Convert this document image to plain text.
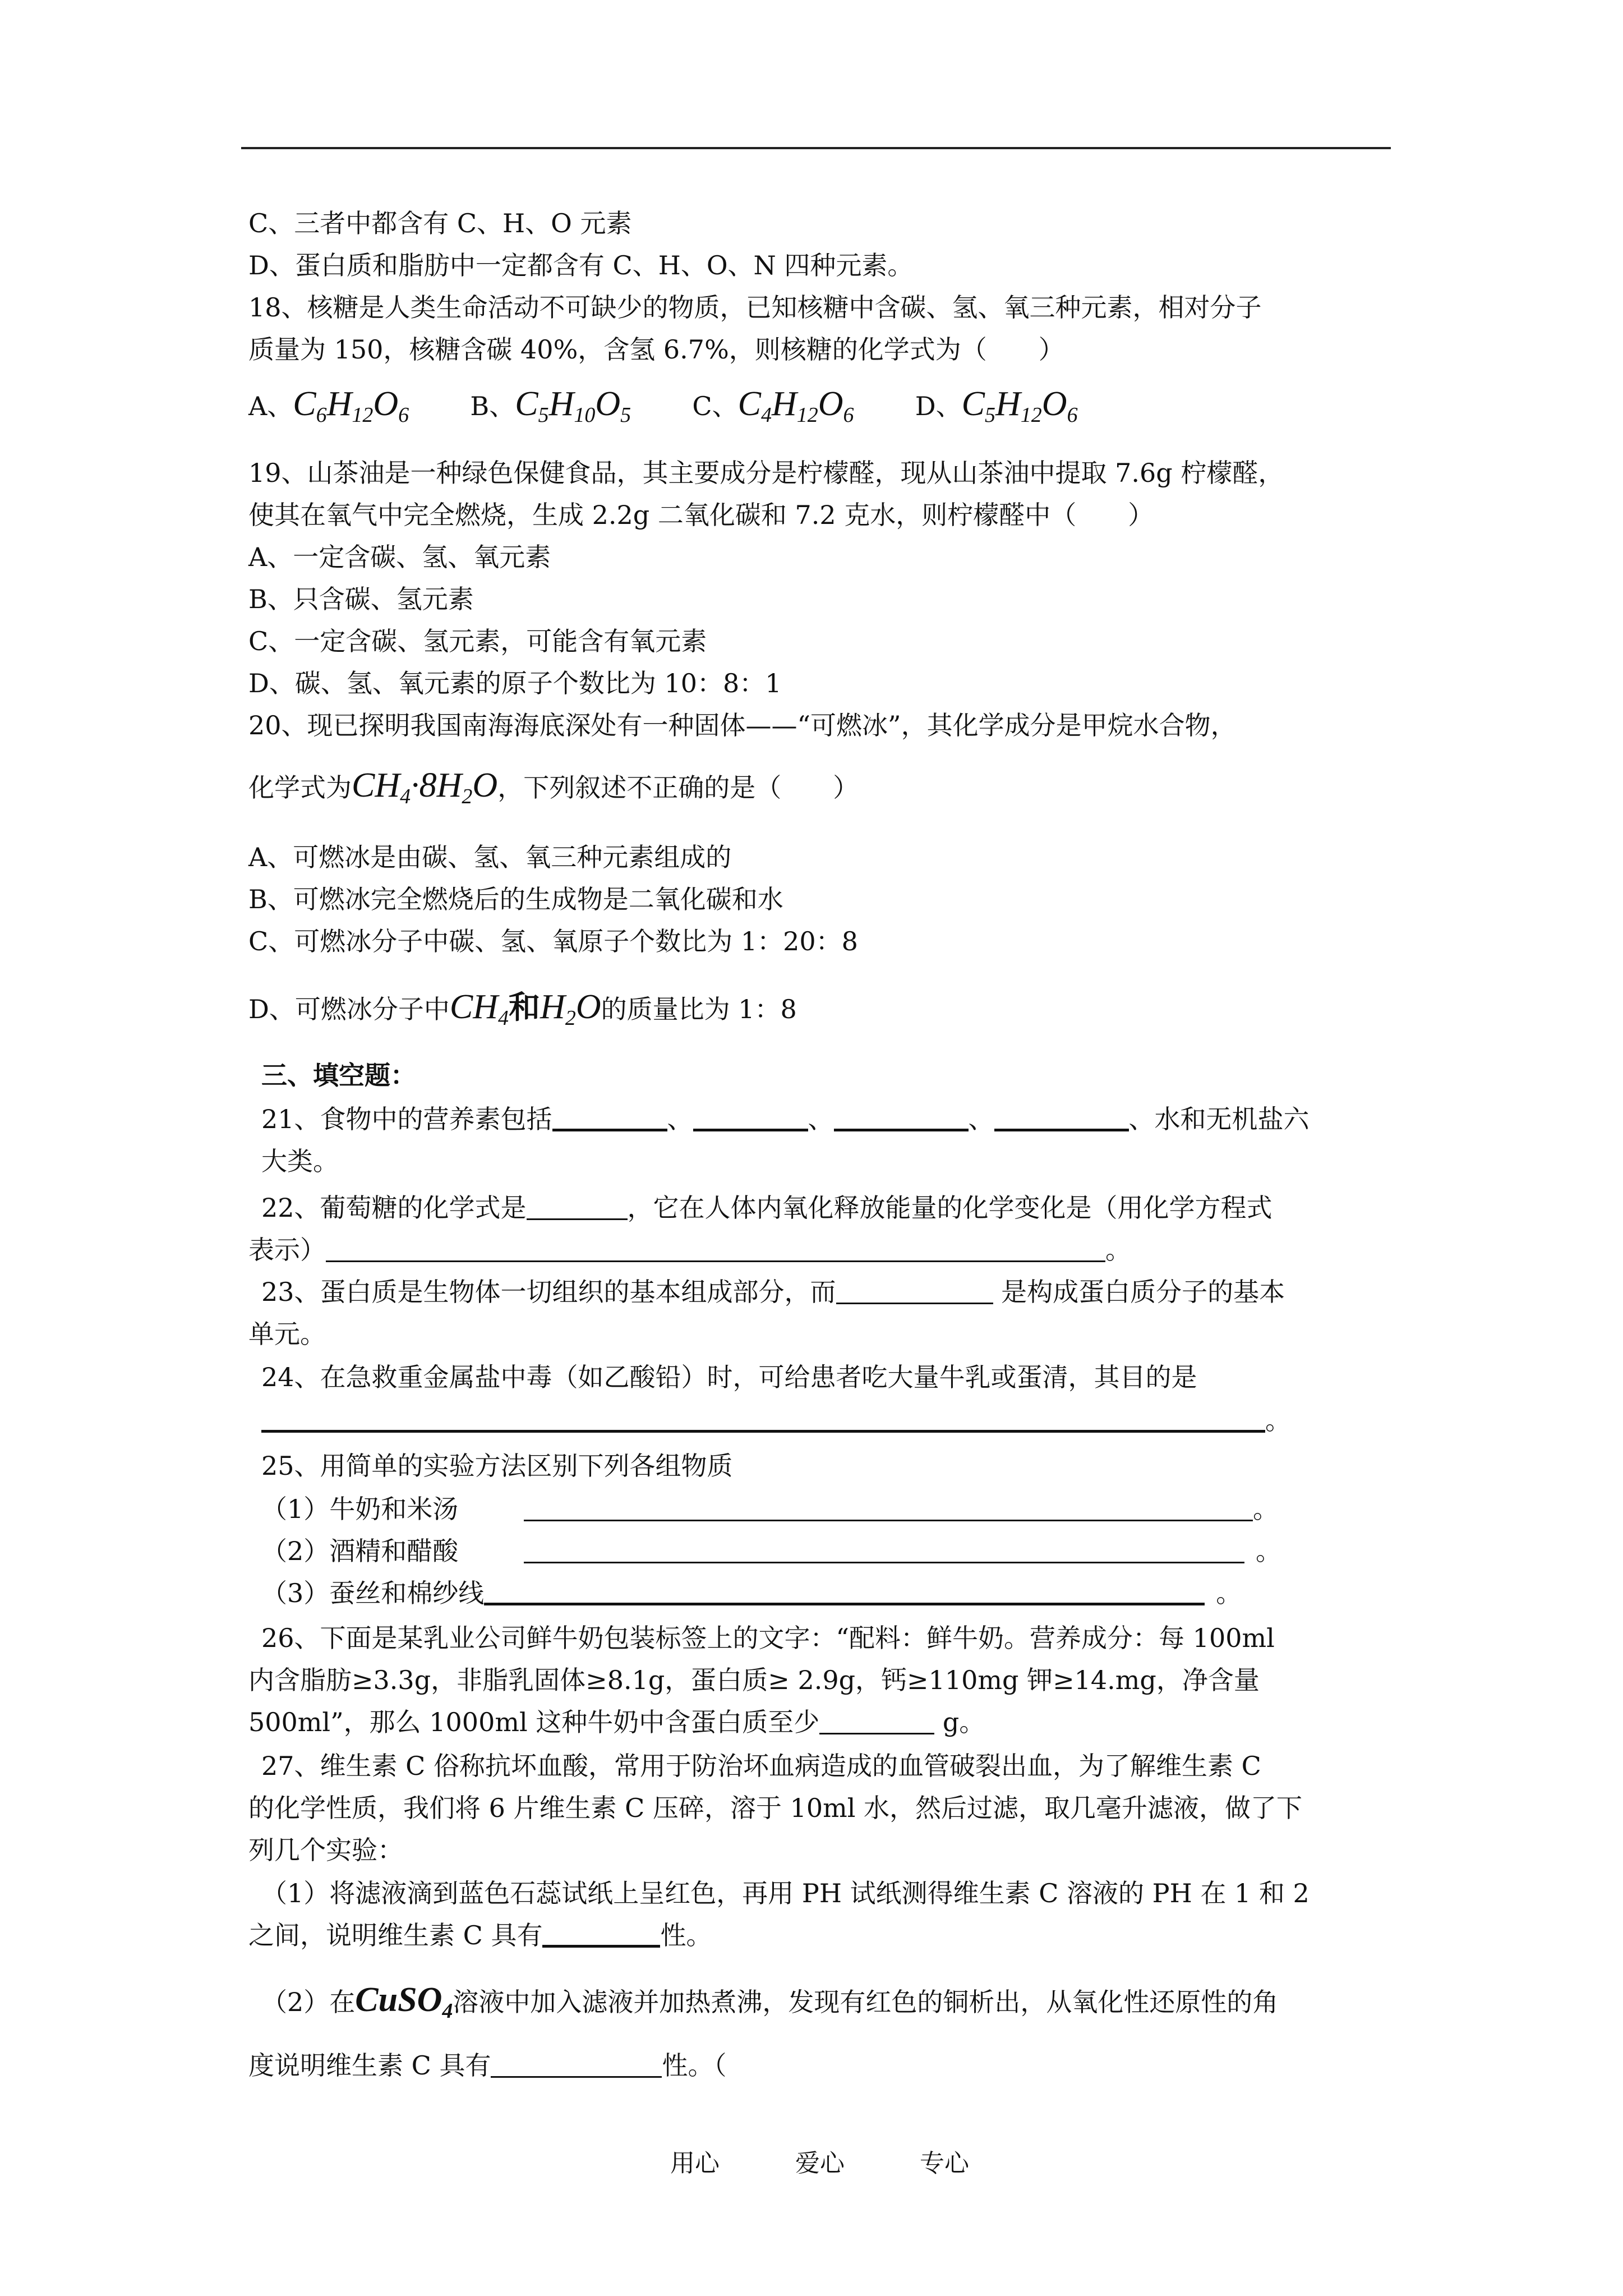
C、三者中都含有 C、H、O 元素
D、蛋白质和脂肪中一定都含有 C、H、O、N 四种元素。
18、核糖是人类生命活动不可缺少的物质，已知核糖中含碳、氢、氧三种元素，相对分子
质量为 150，核糖含碳 40%，含氢 6.7%，则核糖的化学式为（　　）
A、$C_6H_{12}O_6$ B、$C_5H_{10}O_5$ C、$C_4H_{12}O_6$ D、$C_5H_{12}O_6$
19、山茶油是一种绿色保健食品，其主要成分是柠檬醛，现从山茶油中提取 7.6g 柠檬醛，
使其在氧气中完全燃烧，生成 2.2g 二氧化碳和 7.2 克水，则柠檬醛中（　　）
A、一定含碳、氢、氧元素
B、只含碳、氢元素
C、一定含碳、氢元素，可能含有氧元素
D、碳、氢、氧元素的原子个数比为 10：8：1
20、现已探明我国南海海底深处有一种固体——“可燃冰”，其化学成分是甲烷水合物，
化学式为$CH_4\cdot 8H_2O$，下列叙述不正确的是（　　）
A、可燃冰是由碳、氢、氧三种元素组成的
B、可燃冰完全燃烧后的生成物是二氧化碳和水
C、可燃冰分子中碳、氢、氧原子个数比为 1：20：8
D、可燃冰分子中$CH_4$和$H_2O$的质量比为 1：8
三、填空题：
21、食物中的营养素包括	、	、	、	、水和无机盐六
大类。
22、葡萄糖的化学式是	，它在人体内氧化释放能量的化学变化是（用化学方程式
表示）	。
23、蛋白质是生物体一切组织的基本组成部分，而	是构成蛋白质分子的基本
单元。
24、在急救重金属盐中毒（如乙酸铅）时，可给患者吃大量牛乳或蛋清，其目的是
。
25、用简单的实验方法区别下列各组物质
（1）牛奶和米汤	。
（2）酒精和醋酸	。
（3）蚕丝和棉纱线	。
26、下面是某乳业公司鲜牛奶包装标签上的文字：“配料：鲜牛奶。营养成分：每 100ml
内含脂肪≥3.3g，非脂乳固体≥8.1g，蛋白质≥ 2.9g，钙≥110mg 钾≥14.mg，净含量
500ml”，那么 1000ml 这种牛奶中含蛋白质至少	g。
27、维生素 C 俗称抗坏血酸，常用于防治坏血病造成的血管破裂出血，为了解维生素 C
的化学性质，我们将 6 片维生素 C 压碎，溶于 10ml 水，然后过滤，取几毫升滤液，做了下
列几个实验：
（1）将滤液滴到蓝色石蕊试纸上呈红色，再用 PH 试纸测得维生素 C 溶液的 PH 在 1 和 2
之间，说明维生素 C 具有	性。
（2）在CuSO$_4$溶液中加入滤液并加热煮沸，发现有红色的铜析出，从氧化性还原性的角
度说明维生素 C 具有	性。（
用心	爱心	专心
